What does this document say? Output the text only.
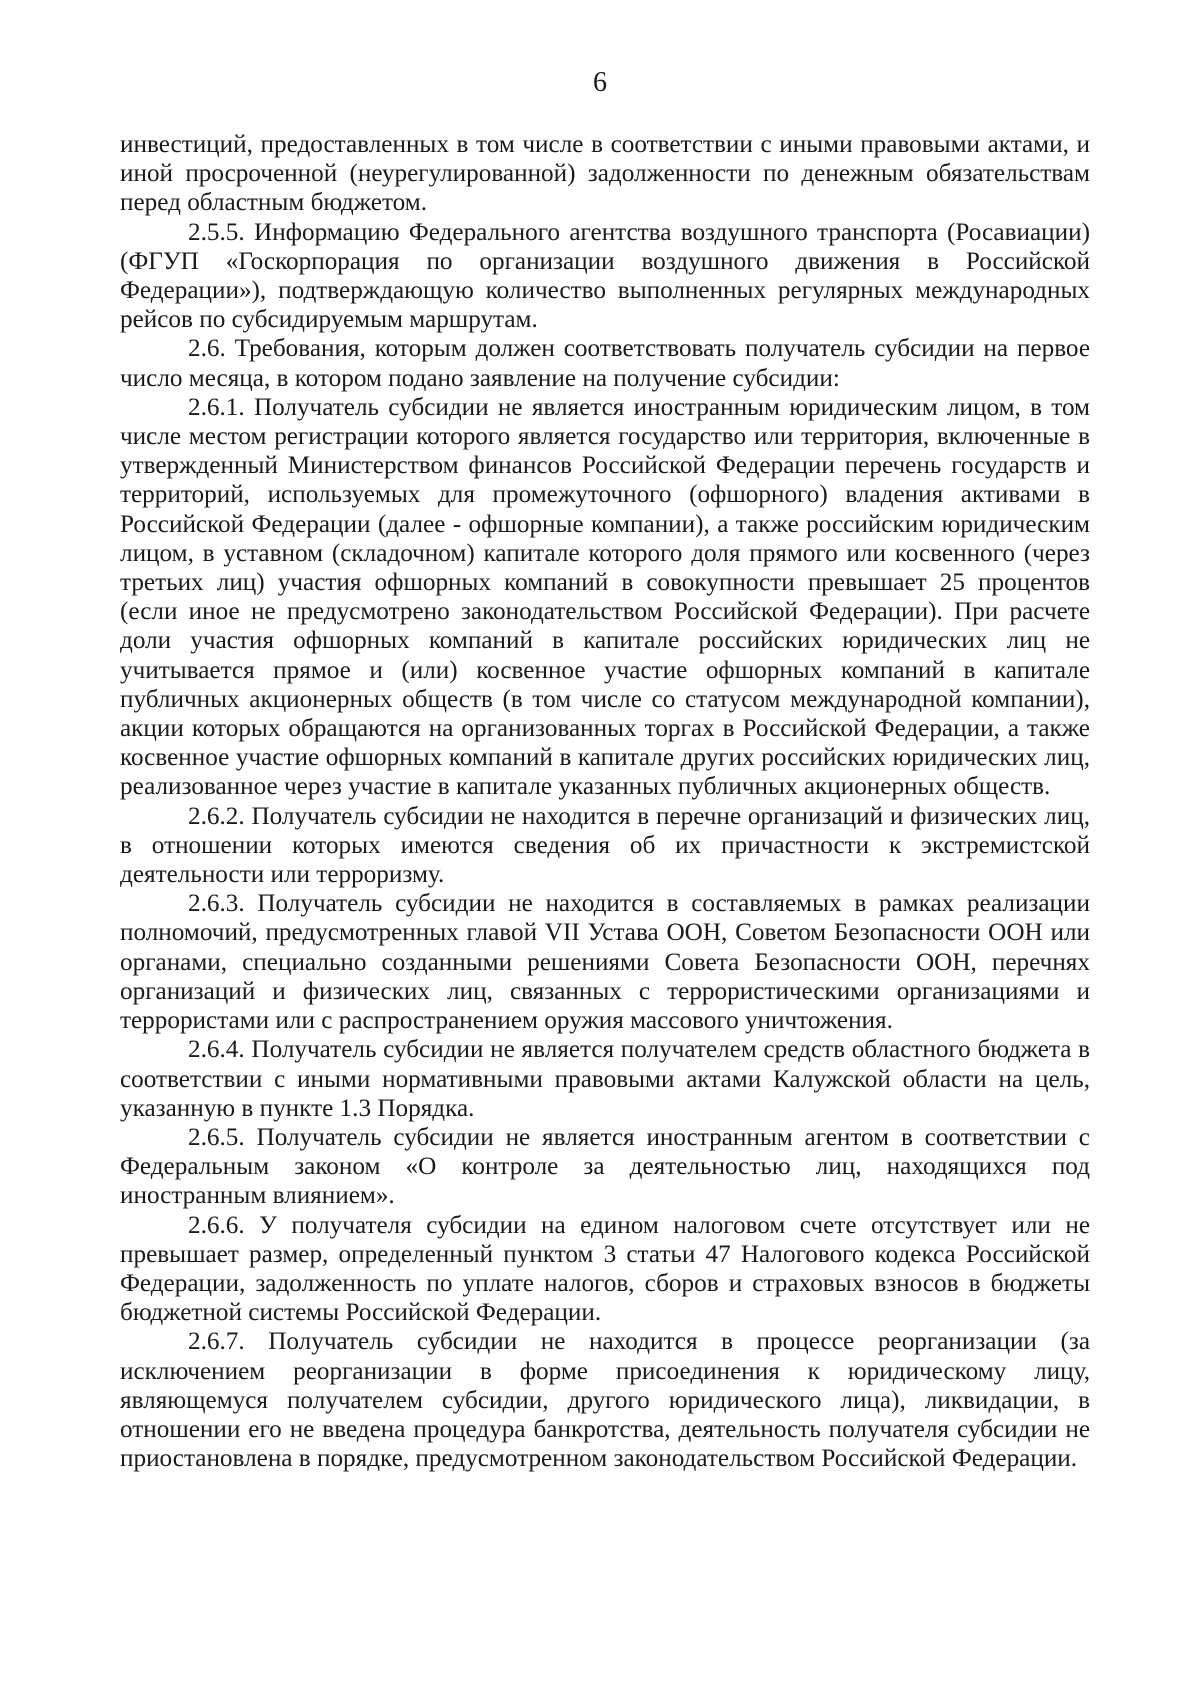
6

инвестиций, предоставленных в том числе в соответствии с иными правовыми актами, и иной просроченной (неурегулированной) задолженности по денежным обязательствам перед областным бюджетом.

2.5.5. Информацию Федерального агентства воздушного транспорта (Росавиации) (ФГУП «Госкорпорация по организации воздушного движения в Российской Федерации»), подтверждающую количество выполненных регулярных международных рейсов по субсидируемым маршрутам.

2.6. Требования, которым должен соответствовать получатель субсидии на первое число месяца, в котором подано заявление на получение субсидии:

2.6.1. Получатель субсидии не является иностранным юридическим лицом, в том числе местом регистрации которого является государство или территория, включенные в утвержденный Министерством финансов Российской Федерации перечень государств и территорий, используемых для промежуточного (офшорного) владения активами в Российской Федерации (далее - офшорные компании), а также российским юридическим лицом, в уставном (складочном) капитале которого доля прямого или косвенного (через третьих лиц) участия офшорных компаний в совокупности превышает 25 процентов (если иное не предусмотрено законодательством Российской Федерации). При расчете доли участия офшорных компаний в капитале российских юридических лиц не учитывается прямое и (или) косвенное участие офшорных компаний в капитале публичных акционерных обществ (в том числе со статусом международной компании), акции которых обращаются на организованных торгах в Российской Федерации, а также косвенное участие офшорных компаний в капитале других российских юридических лиц, реализованное через участие в капитале указанных публичных акционерных обществ.

2.6.2. Получатель субсидии не находится в перечне организаций и физических лиц, в отношении которых имеются сведения об их причастности к экстремистской деятельности или терроризму.

2.6.3. Получатель субсидии не находится в составляемых в рамках реализации полномочий, предусмотренных главой VII Устава ООН, Советом Безопасности ООН или органами, специально созданными решениями Совета Безопасности ООН, перечнях организаций и физических лиц, связанных с террористическими организациями и террористами или с распространением оружия массового уничтожения.

2.6.4. Получатель субсидии не является получателем средств областного бюджета в соответствии с иными нормативными правовыми актами Калужской области на цель, указанную в пункте 1.3 Порядка.

2.6.5. Получатель субсидии не является иностранным агентом в соответствии с Федеральным законом «О контроле за деятельностью лиц, находящихся под иностранным влиянием».

2.6.6. У получателя субсидии на едином налоговом счете отсутствует или не превышает размер, определенный пунктом 3 статьи 47 Налогового кодекса Российской Федерации, задолженность по уплате налогов, сборов и страховых взносов в бюджеты бюджетной системы Российской Федерации.

2.6.7. Получатель субсидии не находится в процессе реорганизации (за исключением реорганизации в форме присоединения к юридическому лицу, являющемуся получателем субсидии, другого юридического лица), ликвидации, в отношении его не введена процедура банкротства, деятельность получателя субсидии не приостановлена в порядке, предусмотренном законодательством Российской Федерации.
